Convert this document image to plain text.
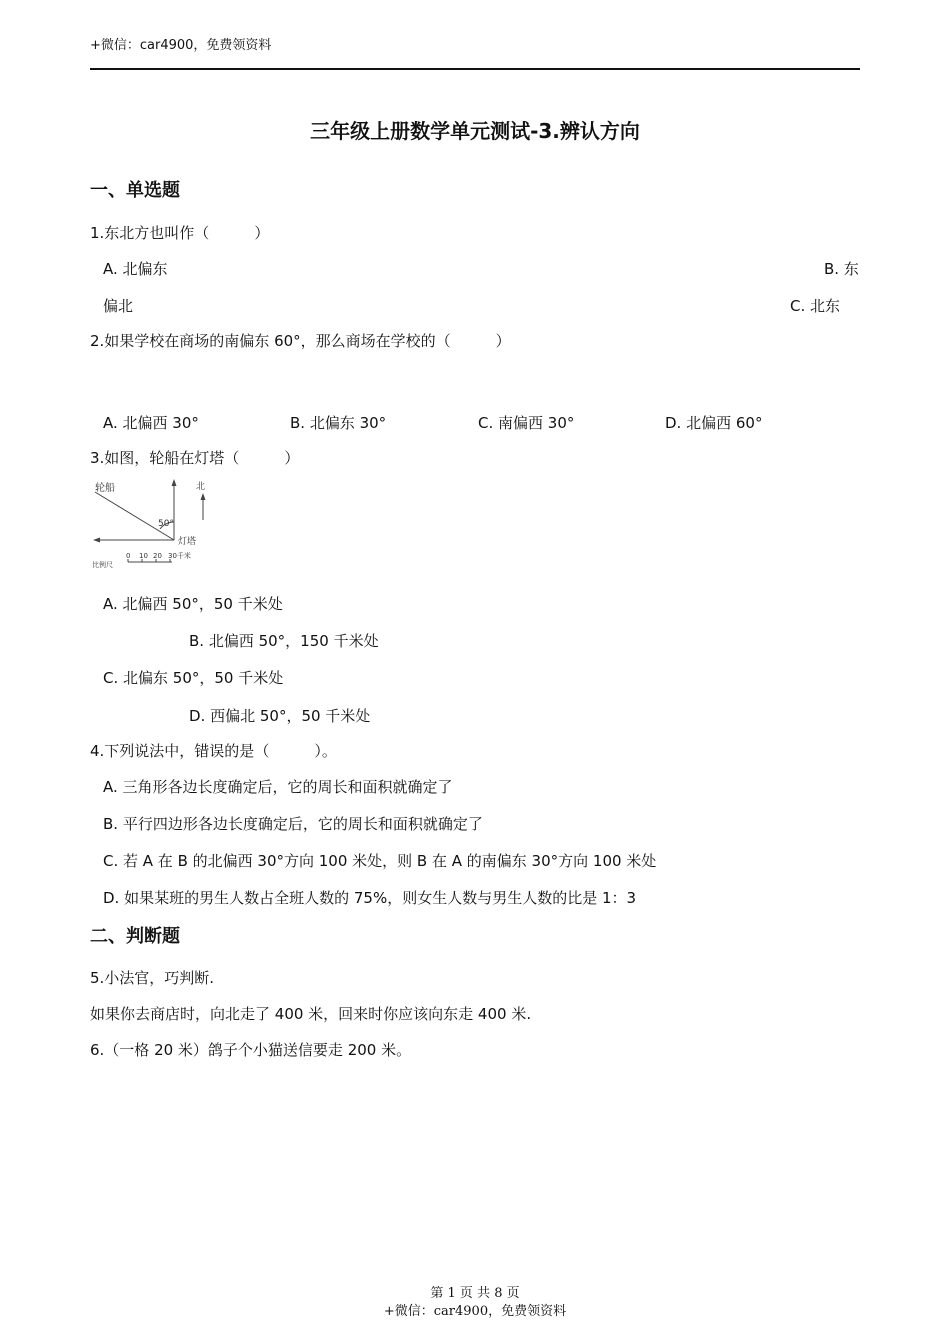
+微信：car4900，免费领资料
三年级上册数学单元测试-3.辨认方向
一、单选题
1.东北方也叫作（　　　）
A. 北偏东	B. 东
偏北	C. 北东
2.如果学校在商场的南偏东 60°，那么商场在学校的（　　　）
A. 北偏西 30°	B. 北偏东 30°	C. 南偏西 30°	D. 北偏西 60°
3.如图，轮船在灯塔（　　　）
轮船	北
50°
灯塔
比例尺
0 10 20 30千米
A. 北偏西 50°，50 千米处
B. 北偏西 50°，150 千米处
C. 北偏东 50°，50 千米处
D. 西偏北 50°，50 千米处
4.下列说法中，错误的是（　　　）。
A. 三角形各边长度确定后，它的周长和面积就确定了
B. 平行四边形各边长度确定后，它的周长和面积就确定了
C. 若 A 在 B 的北偏西 30°方向 100 米处，则 B 在 A 的南偏东 30°方向 100 米处
D. 如果某班的男生人数占全班人数的 75%，则女生人数与男生人数的比是 1：3
二、判断题
5.小法官，巧判断.
如果你去商店时，向北走了 400 米，回来时你应该向东走 400 米.
6.（一格 20 米）鸽子个小猫送信要走 200 米。
第 1 页 共 8 页
+微信：car4900，免费领资料
